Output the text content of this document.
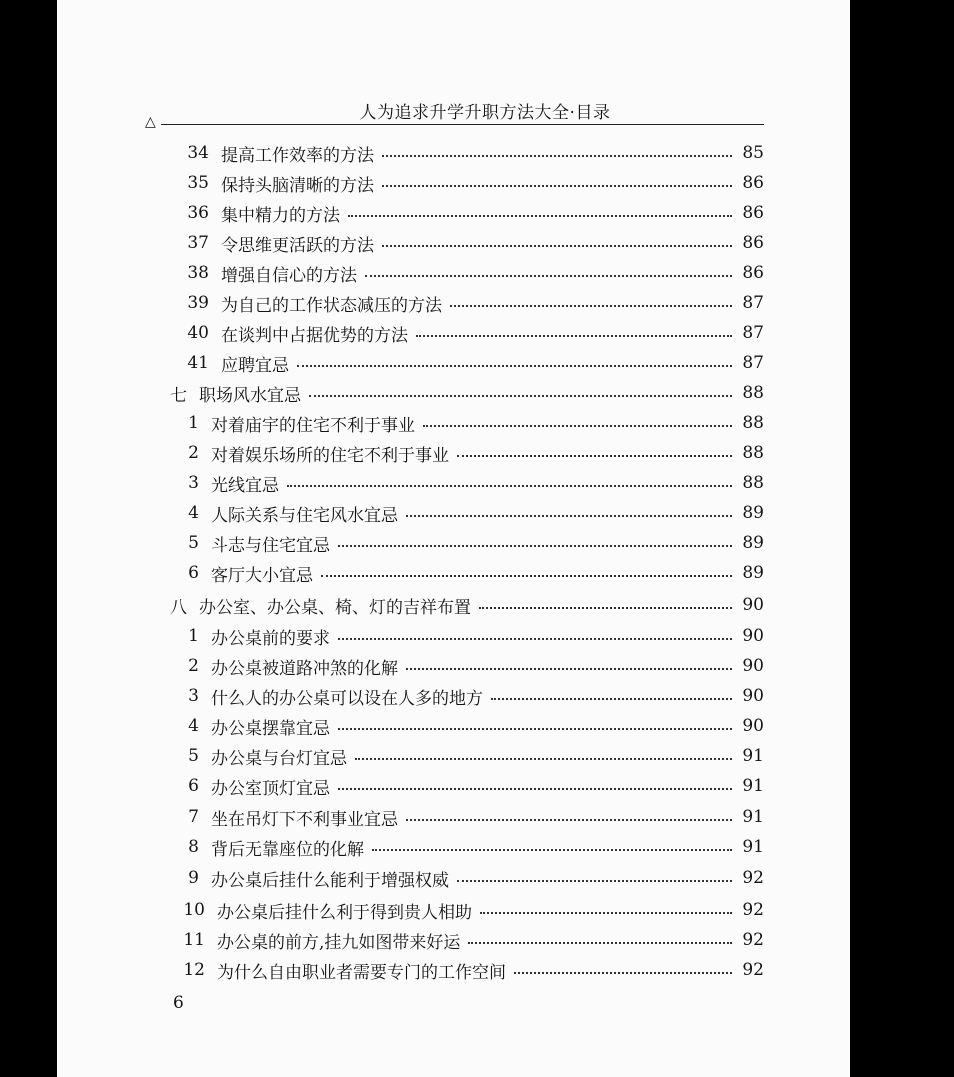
人为追求升学升职方法大全·目录
△
34 提高工作效率的方法	85
35 保持头脑清晰的方法	86
36 集中精力的方法	86
37 令思维更活跃的方法	86
38 增强自信心的方法	86
39 为自己的工作状态减压的方法	87
40 在谈判中占据优势的方法	87
41 应聘宜忌	87
七 职场风水宜忌	88
1 对着庙宇的住宅不利于事业	88
2 对着娱乐场所的住宅不利于事业	88
3 光线宜忌	88
4 人际关系与住宅风水宜忌	89
5 斗志与住宅宜忌	89
6 客厅大小宜忌	89
八 办公室、办公桌、椅、灯的吉祥布置	90
1 办公桌前的要求	90
2 办公桌被道路冲煞的化解	90
3 什么人的办公桌可以设在人多的地方	90
4 办公桌摆靠宜忌	90
5 办公桌与台灯宜忌	91
6 办公室顶灯宜忌	91
7 坐在吊灯下不利事业宜忌	91
8 背后无靠座位的化解	91
9 办公桌后挂什么能利于增强权威	92
10 办公桌后挂什么利于得到贵人相助	92
11 办公桌的前方,挂九如图带来好运	92
12 为什么自由职业者需要专门的工作空间	92
6
